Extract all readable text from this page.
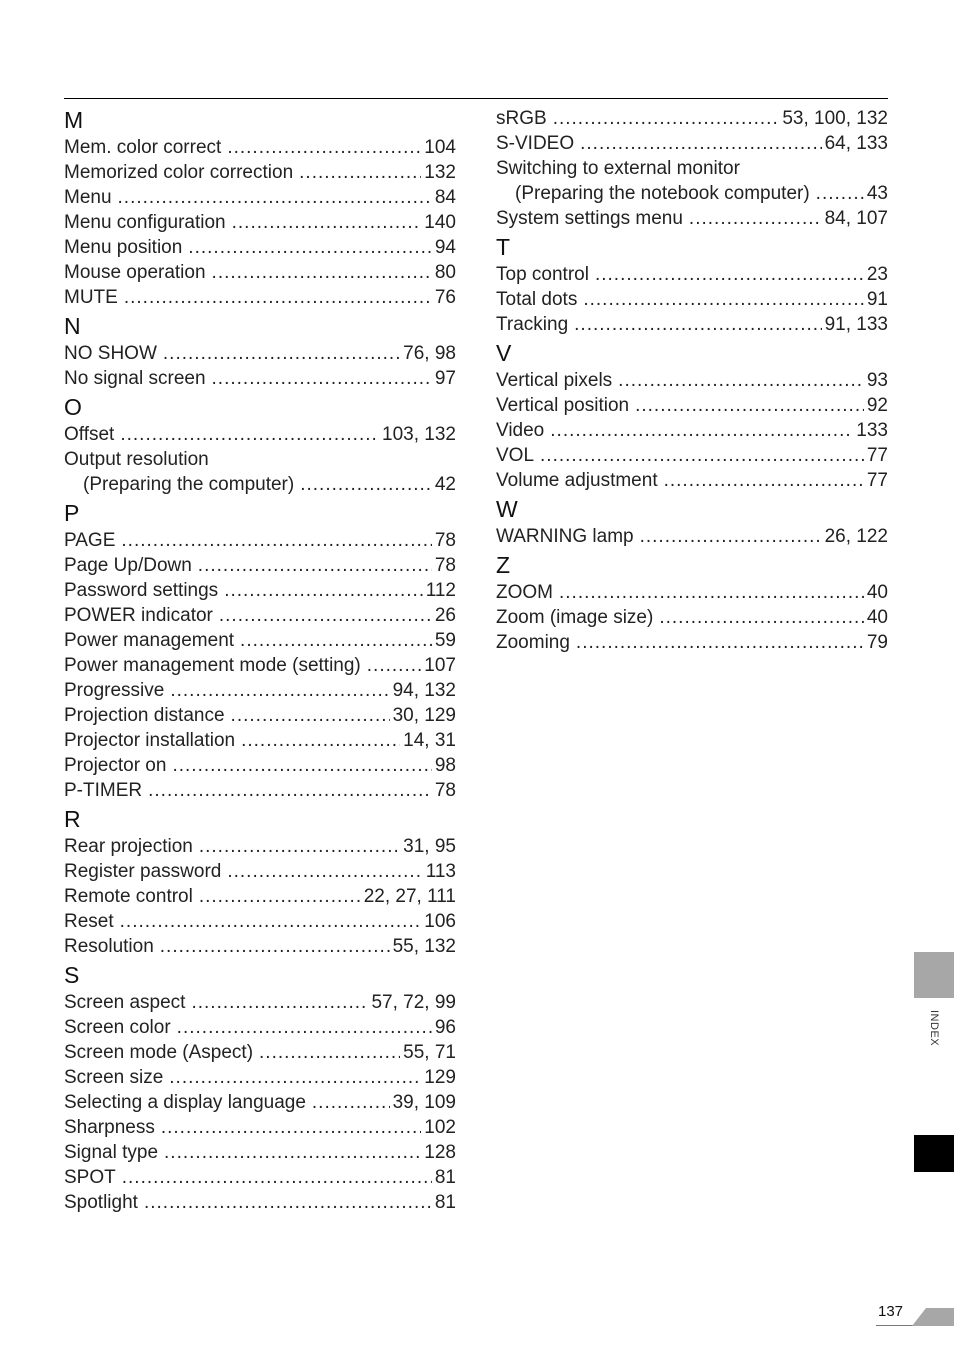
M
Mem. color correct .....	104
Memorized color correction .....	132
Menu .....	84
Menu configuration .....	140
Menu position .....	94
Mouse operation .....	80
MUTE .....	76
N
NO SHOW .....	76, 98
No signal screen .....	97
O
Offset .....	103, 132
Output resolution
(Preparing the computer) .....	42
P
PAGE .....	78
Page Up/Down .....	78
Password settings .....	112
POWER indicator .....	26
Power management .....	59
Power management mode (setting) .....	107
Progressive .....	94, 132
Projection distance .....	30, 129
Projector installation .....	14, 31
Projector on .....	98
P-TIMER .....	78
R
Rear projection .....	31, 95
Register password .....	113
Remote control .....	22, 27, 111
Reset .....	106
Resolution .....	55, 132
S
Screen aspect .....	57, 72, 99
Screen color .....	96
Screen mode (Aspect) .....	55, 71
Screen size .....	129
Selecting a display language .....	39, 109
Sharpness .....	102
Signal type .....	128
SPOT .....	81
Spotlight .....	81
sRGB .....	53, 100, 132
S-VIDEO .....	64, 133
Switching to external monitor
(Preparing the notebook computer) .....	43
System settings menu .....	84, 107
T
Top control .....	23
Total dots .....	91
Tracking .....	91, 133
V
Vertical pixels .....	93
Vertical position .....	92
Video .....	133
VOL .....	77
Volume adjustment .....	77
W
WARNING lamp .....	26, 122
Z
ZOOM .....	40
Zoom (image size) .....	40
Zooming .....	79
INDEX
137
